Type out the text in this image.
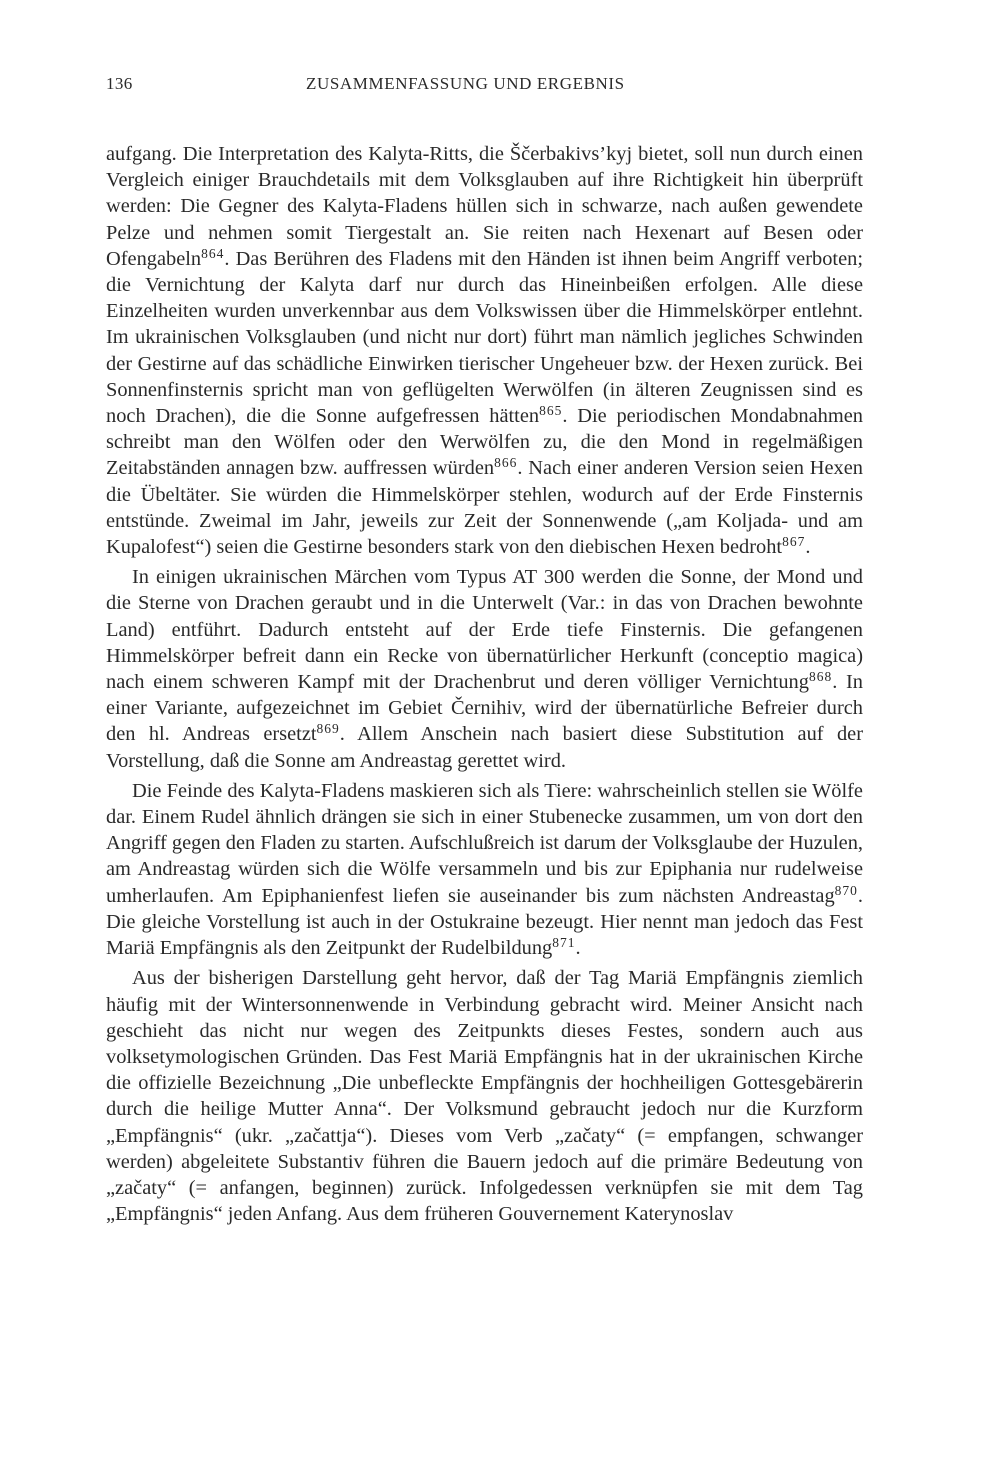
136	ZUSAMMENFASSUNG UND ERGEBNIS

aufgang. Die Interpretation des Kalyta-Ritts, die Ščerbakivs’kyj bietet, soll nun durch einen Vergleich einiger Brauchdetails mit dem Volksglauben auf ihre Richtigkeit hin überprüft werden: Die Gegner des Kalyta-Fladens hüllen sich in schwarze, nach außen gewendete Pelze und nehmen somit Tiergestalt an. Sie reiten nach Hexenart auf Besen oder Ofengabeln$^{864}$. Das Berühren des Fladens mit den Händen ist ihnen beim Angriff verboten; die Vernichtung der Kalyta darf nur durch das Hineinbeißen erfolgen. Alle diese Einzelheiten wurden unverkennbar aus dem Volkswissen über die Himmelskörper entlehnt. Im ukrainischen Volksglauben (und nicht nur dort) führt man nämlich jegliches Schwinden der Gestirne auf das schädliche Einwirken tierischer Ungeheuer bzw. der Hexen zurück. Bei Sonnenfinsternis spricht man von geflügelten Werwölfen (in älteren Zeugnissen sind es noch Drachen), die die Sonne aufgefressen hätten$^{865}$. Die periodischen Mondabnahmen schreibt man den Wölfen oder den Werwölfen zu, die den Mond in regelmäßigen Zeitabständen annagen bzw. auffressen würden$^{866}$. Nach einer anderen Version seien Hexen die Übeltäter. Sie würden die Himmelskörper stehlen, wodurch auf der Erde Finsternis entstünde. Zweimal im Jahr, jeweils zur Zeit der Sonnenwende („am Koljada- und am Kupalofest“) seien die Gestirne besonders stark von den diebischen Hexen bedroht$^{867}$.

In einigen ukrainischen Märchen vom Typus AT 300 werden die Sonne, der Mond und die Sterne von Drachen geraubt und in die Unterwelt (Var.: in das von Drachen bewohnte Land) entführt. Dadurch entsteht auf der Erde tiefe Finsternis. Die gefangenen Himmelskörper befreit dann ein Recke von übernatürlicher Herkunft (conceptio magica) nach einem schweren Kampf mit der Drachenbrut und deren völliger Vernichtung$^{868}$. In einer Variante, aufgezeichnet im Gebiet Černihiv, wird der übernatürliche Befreier durch den hl. Andreas ersetzt$^{869}$. Allem Anschein nach basiert diese Substitution auf der Vorstellung, daß die Sonne am Andreastag gerettet wird.

Die Feinde des Kalyta-Fladens maskieren sich als Tiere: wahrscheinlich stellen sie Wölfe dar. Einem Rudel ähnlich drängen sie sich in einer Stubenecke zusammen, um von dort den Angriff gegen den Fladen zu starten. Aufschlußreich ist darum der Volksglaube der Huzulen, am Andreastag würden sich die Wölfe versammeln und bis zur Epiphania nur rudelweise umherlaufen. Am Epiphanienfest liefen sie auseinander bis zum nächsten Andreastag$^{870}$. Die gleiche Vorstellung ist auch in der Ostukraine bezeugt. Hier nennt man jedoch das Fest Mariä Empfängnis als den Zeitpunkt der Rudelbildung$^{871}$.

Aus der bisherigen Darstellung geht hervor, daß der Tag Mariä Empfängnis ziemlich häufig mit der Wintersonnenwende in Verbindung gebracht wird. Meiner Ansicht nach geschieht das nicht nur wegen des Zeitpunkts dieses Festes, sondern auch aus volksetymologischen Gründen. Das Fest Mariä Empfängnis hat in der ukrainischen Kirche die offizielle Bezeichnung „Die unbefleckte Empfängnis der hochheiligen Gottesgebärerin durch die heilige Mutter Anna“. Der Volksmund gebraucht jedoch nur die Kurzform „Empfängnis“ (ukr. „začattja“). Dieses vom Verb „začaty“ (= empfangen, schwanger werden) abgeleitete Substantiv führen die Bauern jedoch auf die primäre Bedeutung von „začaty“ (= anfangen, beginnen) zurück. Infolgedessen verknüpfen sie mit dem Tag „Empfängnis“ jeden Anfang. Aus dem früheren Gouvernement Katerynoslav
